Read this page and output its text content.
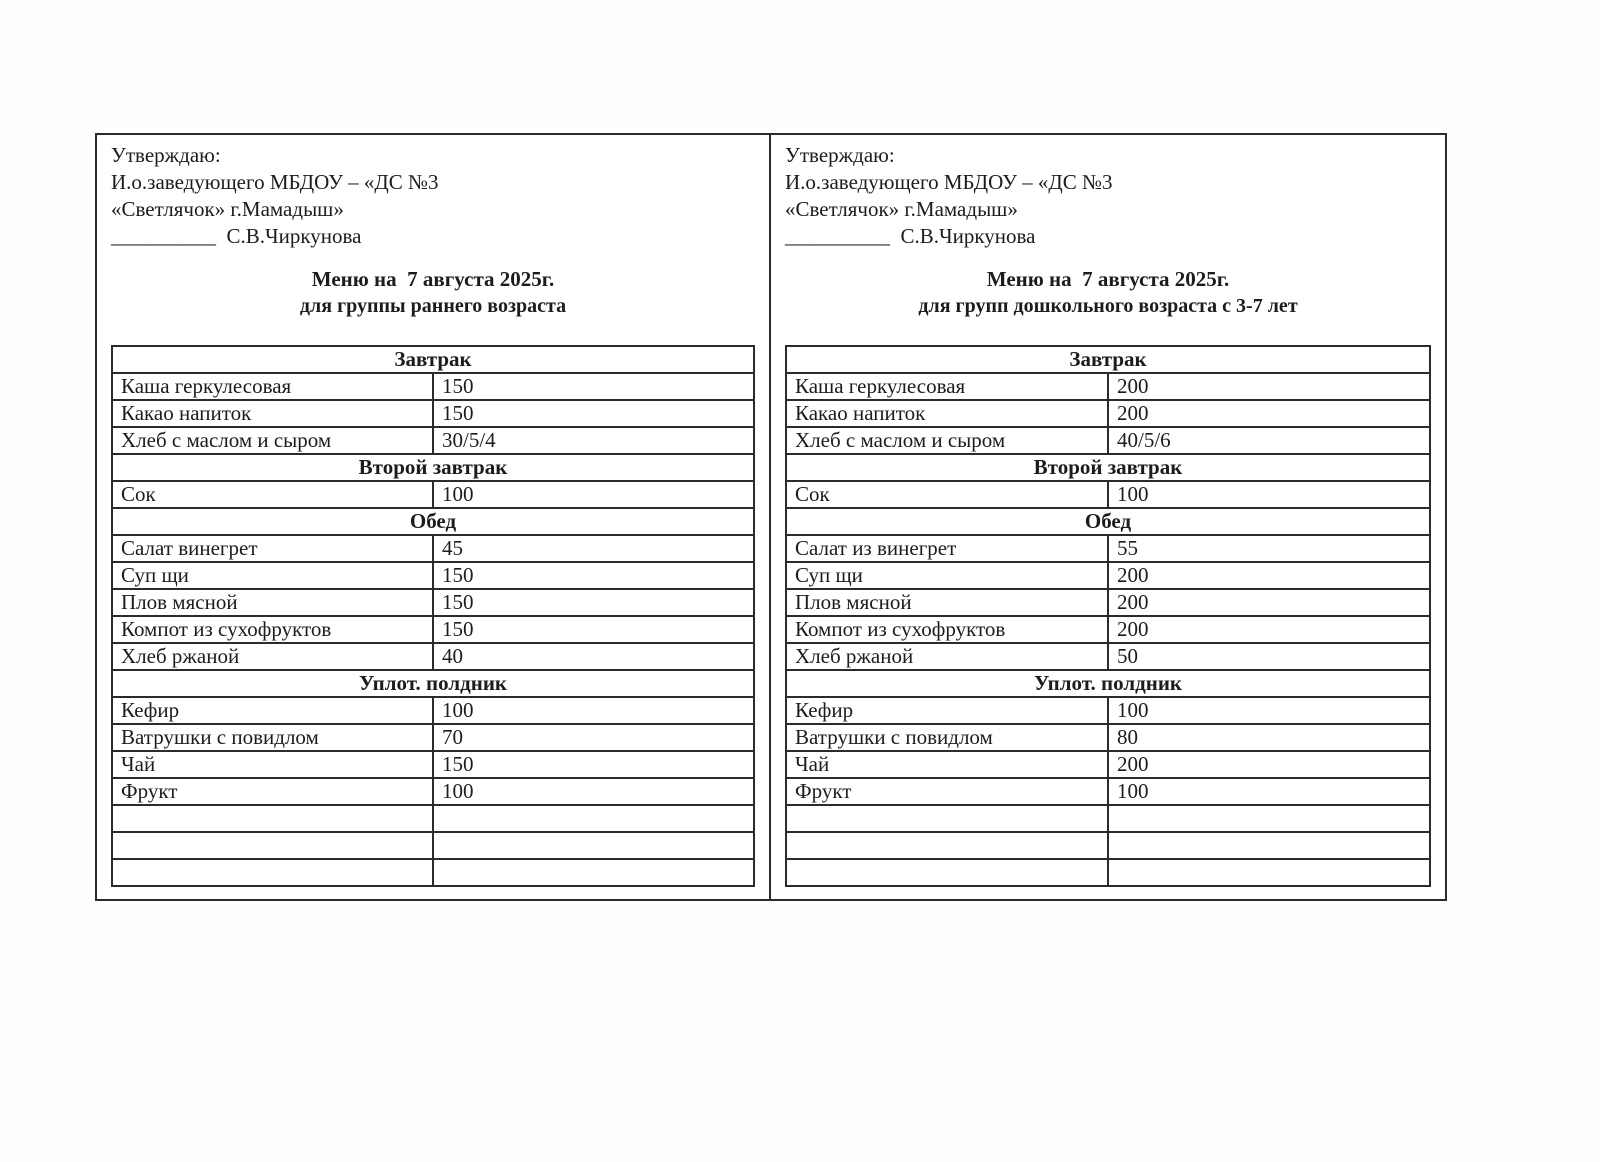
Утверждаю:
И.о.заведующего МБДОУ – «ДС №3
«Светлячок» г.Мамадыш»
__________  С.В.Чиркунова
Меню на  7 августа 2025г.
для группы раннего возраста
Завтрак	
Каша геркулесовая	150
Какао напиток	150
Хлеб с маслом и сыром	30/5/4
Второй завтрак	
Сок	100
Обед	
Салат винегрет	45
Суп щи	150
Плов мясной	150
Компот из сухофруктов	150
Хлеб ржаной	40
Уплот. полдник	
Кефир	100
Ватрушки с повидлом	70
Чай	150
Фрукт	100

Утверждаю:
И.о.заведующего МБДОУ – «ДС №3
«Светлячок» г.Мамадыш»
__________  С.В.Чиркунова
Меню на  7 августа 2025г.
для групп дошкольного возраста с 3-7 лет
Завтрак	
Каша геркулесовая	200
Какао напиток	200
Хлеб с маслом и сыром	40/5/6
Второй завтрак	
Сок	100
Обед	
Салат из винегрет	55
Суп щи	200
Плов мясной	200
Компот из сухофруктов	200
Хлеб ржаной	50
Уплот. полдник	
Кефир	100
Ватрушки с повидлом	80
Чай	200
Фрукт	100
